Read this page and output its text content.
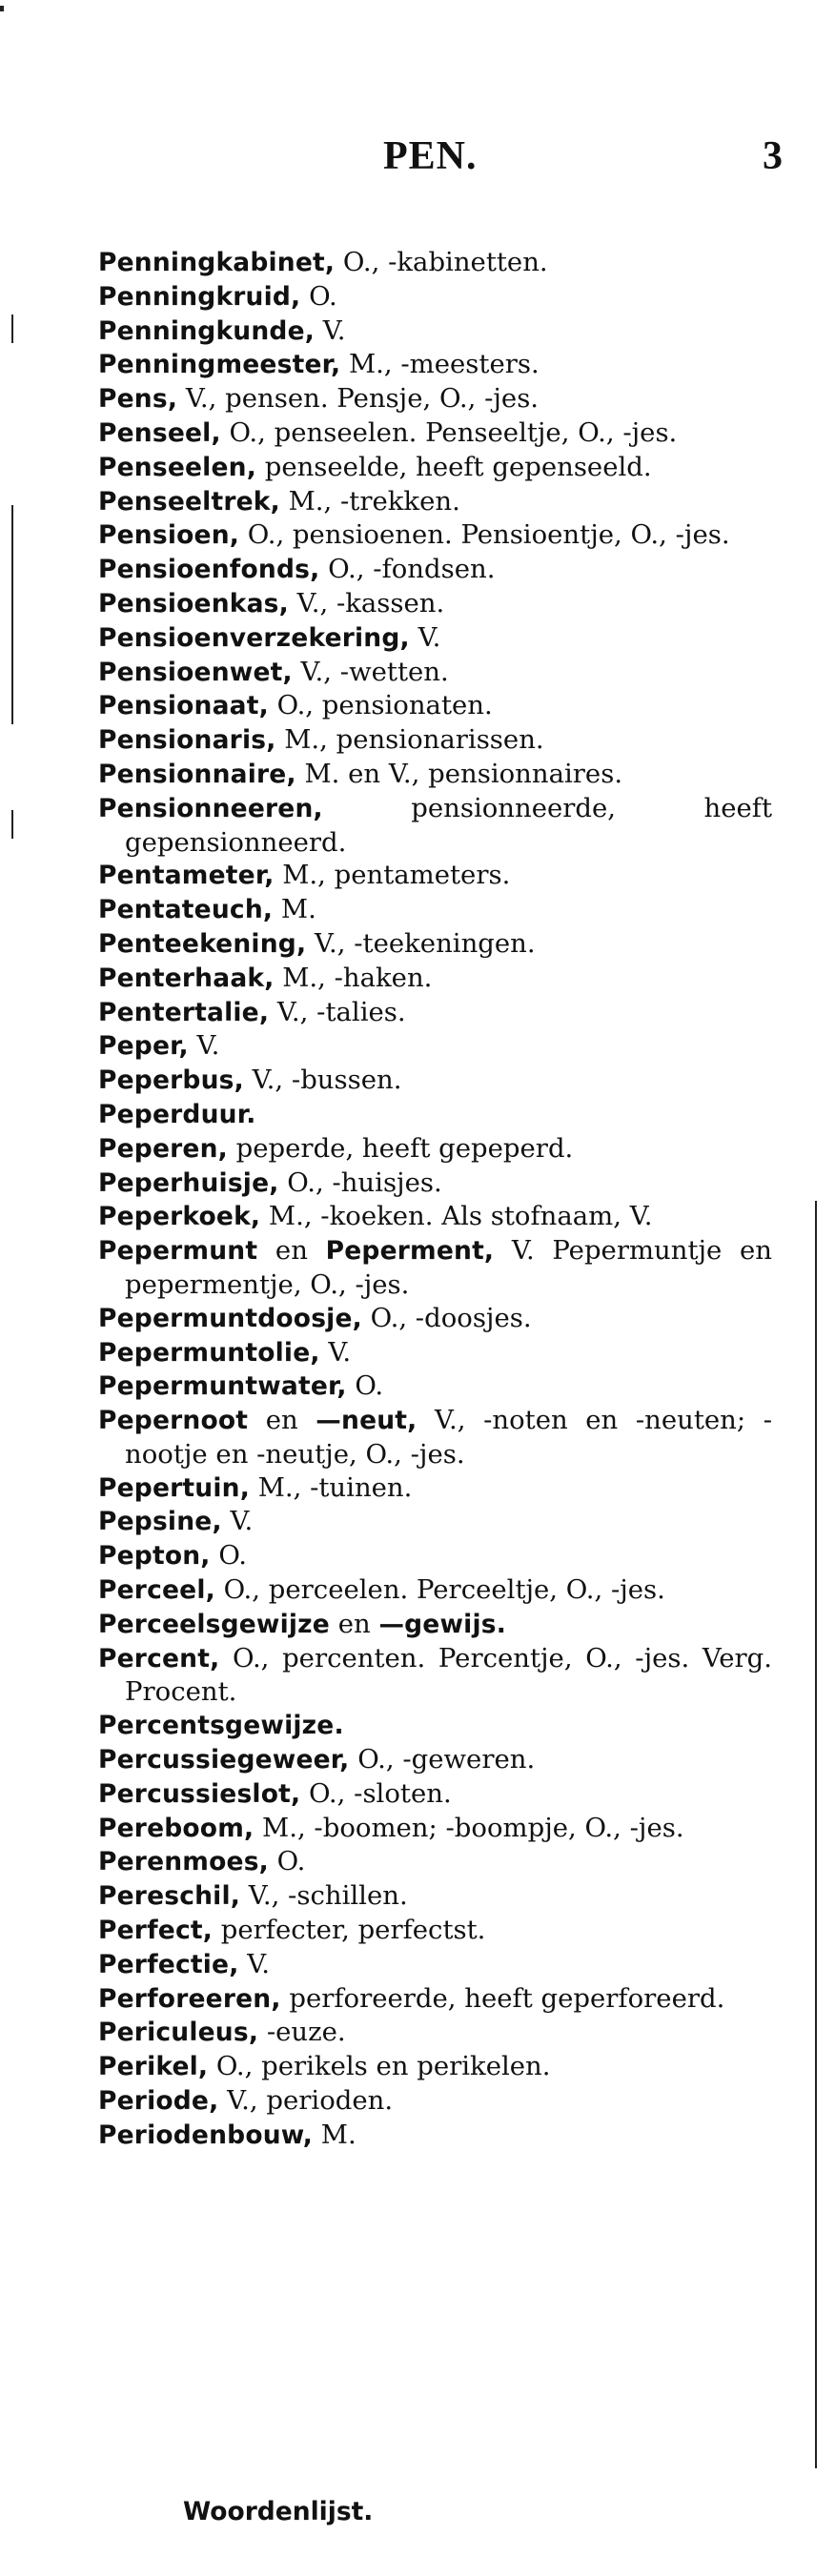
PEN.	3

Penningkabinet, O., -kabinetten.

Penningkruid, O.

Penningkunde, V.

Penningmeester, M., -meesters.

Pens, V., pensen. Pensje, O., -jes.

Penseel, O., penseelen. Penseeltje, O., -jes.

Penseelen, penseelde, heeft gepenseeld.

Penseeltrek, M., -trekken.

Pensioen, O., pensioenen. Pensioentje, O., -jes.

Pensioenfonds, O., -fondsen.

Pensioenkas, V., -kassen.

Pensioenverzekering, V.

Pensioenwet, V., -wetten.

Pensionaat, O., pensionaten.

Pensionaris, M., pensionarissen.

Pensionnaire, M. en V., pensionnaires.

Pensionneeren, pensionneerde, heeft gepensionneerd.

Pentameter, M., pentameters.

Pentateuch, M.

Penteekening, V., -teekeningen.

Penterhaak, M., -haken.

Pentertalie, V., -talies.

Peper, V.

Peperbus, V., -bussen.

Peperduur.

Peperen, peperde, heeft gepeperd.

Peperhuisje, O., -huisjes.

Peperkoek, M., -koeken. Als stofnaam, V.

Pepermunt en Peperment, V. Pepermuntje en pepermentje, O., -jes.

Pepermuntdoosje, O., -doosjes.

Pepermuntolie, V.

Pepermuntwater, O.

Pepernoot en —neut, V., -noten en -neuten; -nootje en -neutje, O., -jes.

Pepertuin, M., -tuinen.

Pepsine, V.

Pepton, O.

Perceel, O., perceelen. Perceeltje, O., -jes.

Perceelsgewijze en —gewijs.

Percent, O., percenten. Percentje, O., -jes. Verg. Procent.

Percentsgewijze.

Percussiegeweer, O., -geweren.

Percussieslot, O., -sloten.

Pereboom, M., -boomen; -boompje, O., -jes.

Perenmoes, O.

Pereschil, V., -schillen.

Perfect, perfecter, perfectst.

Perfectie, V.

Perforeeren, perforeerde, heeft geperforeerd.

Periculeus, -euze.

Perikel, O., perikels en perikelen.

Periode, V., perioden.

Periodenbouw, M.

Woordenlijst.
